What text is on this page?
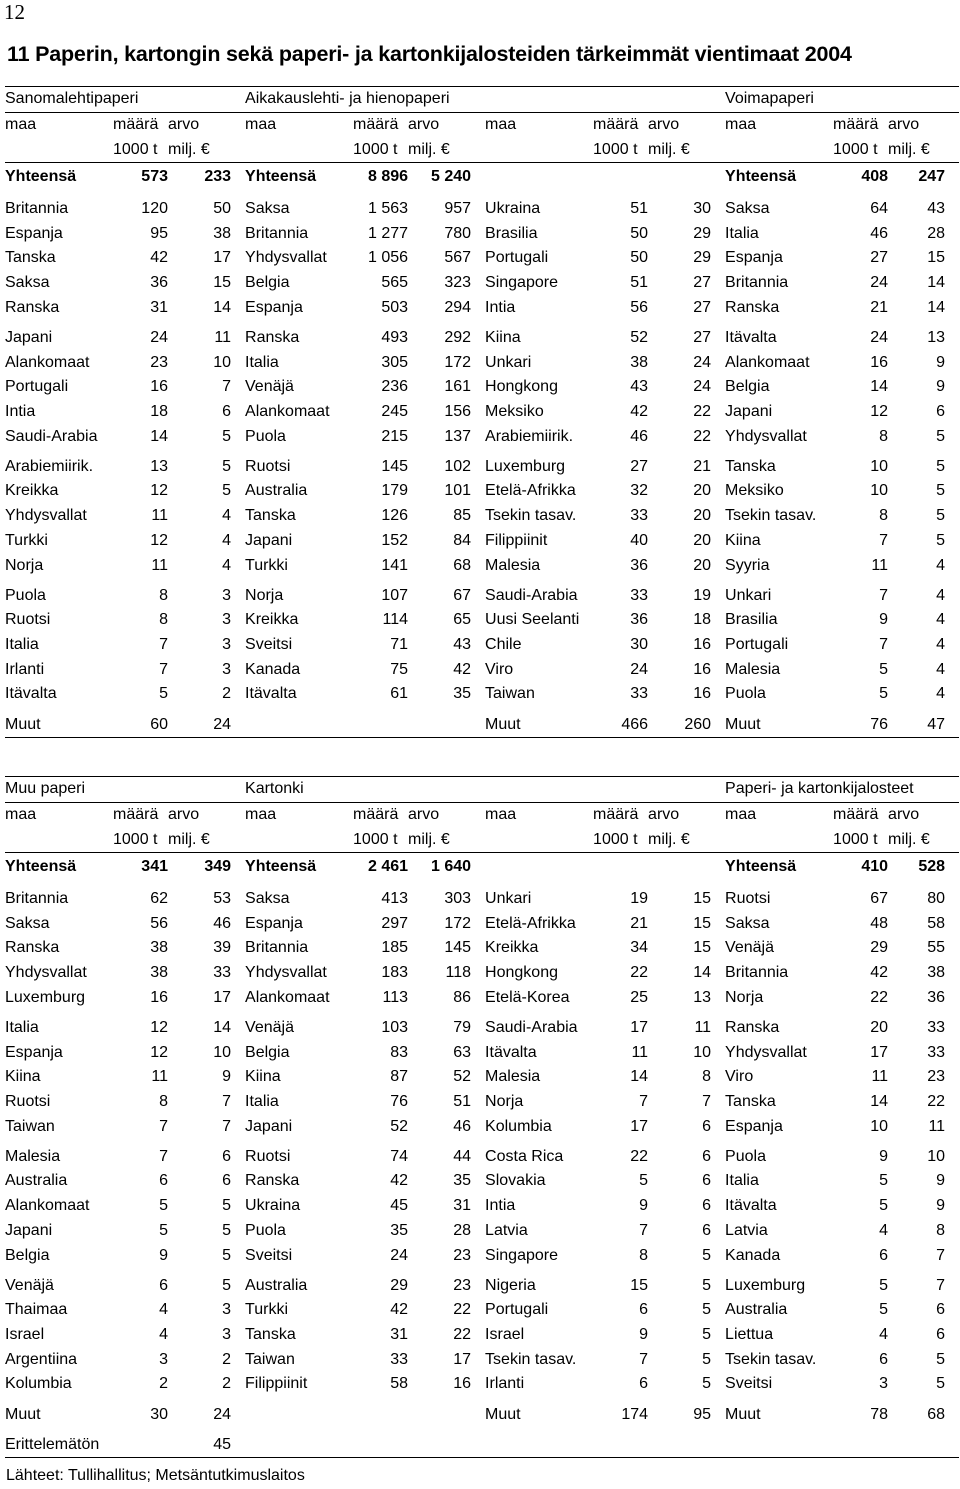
12
11 Paperin, kartongin sekä paperi- ja kartonkijalosteiden tärkeimmät vientimaat 2004
Sanomalehtipaperi			Aikakauslehti- ja hienopaperi						Voimapaperi		
maa	määrä	arvo	maa	määrä	arvo	maa	määrä	arvo	maa	määrä	arvo
	1000 t	milj. €		1000 t	milj. €		1000 t	milj. €		1000 t	milj. €
Yhteensä	573	233	Yhteensä	8 896	5 240				Yhteensä	408	247

Britannia	120	50	Saksa	1 563	957	Ukraina	51	30	Saksa	64	43
Espanja	95	38	Britannia	1 277	780	Brasilia	50	29	Italia	46	28
Tanska	42	17	Yhdysvallat	1 056	567	Portugali	50	29	Espanja	27	15
Saksa	36	15	Belgia	565	323	Singapore	51	27	Britannia	24	14
Ranska	31	14	Espanja	503	294	Intia	56	27	Ranska	21	14

Japani	24	11	Ranska	493	292	Kiina	52	27	Itävalta	24	13
Alankomaat	23	10	Italia	305	172	Unkari	38	24	Alankomaat	16	9
Portugali	16	7	Venäjä	236	161	Hongkong	43	24	Belgia	14	9
Intia	18	6	Alankomaat	245	156	Meksiko	42	22	Japani	12	6
Saudi-Arabia	14	5	Puola	215	137	Arabiemiirik.	46	22	Yhdysvallat	8	5

Arabiemiirik.	13	5	Ruotsi	145	102	Luxemburg	27	21	Tanska	10	5
Kreikka	12	5	Australia	179	101	Etelä-Afrikka	32	20	Meksiko	10	5
Yhdysvallat	11	4	Tanska	126	85	Tsekin tasav.	33	20	Tsekin tasav.	8	5
Turkki	12	4	Japani	152	84	Filippiinit	40	20	Kiina	7	5
Norja	11	4	Turkki	141	68	Malesia	36	20	Syyria	11	4

Puola	8	3	Norja	107	67	Saudi-Arabia	33	19	Unkari	7	4
Ruotsi	8	3	Kreikka	114	65	Uusi Seelanti	36	18	Brasilia	9	4
Italia	7	3	Sveitsi	71	43	Chile	30	16	Portugali	7	4
Irlanti	7	3	Kanada	75	42	Viro	24	16	Malesia	5	4
Itävalta	5	2	Itävalta	61	35	Taiwan	33	16	Puola	5	4

Muut	60	24				Muut	466	260	Muut	76	47
Muu paperi			Kartonki						Paperi- ja kartonkijalosteet		
maa	määrä	arvo	maa	määrä	arvo	maa	määrä	arvo	maa	määrä	arvo
	1000 t	milj. €		1000 t	milj. €		1000 t	milj. €		1000 t	milj. €
Yhteensä	341	349	Yhteensä	2 461	1 640				Yhteensä	410	528

Britannia	62	53	Saksa	413	303	Unkari	19	15	Ruotsi	67	80
Saksa	56	46	Espanja	297	172	Etelä-Afrikka	21	15	Saksa	48	58
Ranska	38	39	Britannia	185	145	Kreikka	34	15	Venäjä	29	55
Yhdysvallat	38	33	Yhdysvallat	183	118	Hongkong	22	14	Britannia	42	38
Luxemburg	16	17	Alankomaat	113	86	Etelä-Korea	25	13	Norja	22	36

Italia	12	14	Venäjä	103	79	Saudi-Arabia	17	11	Ranska	20	33
Espanja	12	10	Belgia	83	63	Itävalta	11	10	Yhdysvallat	17	33
Kiina	11	9	Kiina	87	52	Malesia	14	8	Viro	11	23
Ruotsi	8	7	Italia	76	51	Norja	7	7	Tanska	14	22
Taiwan	7	7	Japani	52	46	Kolumbia	17	6	Espanja	10	11

Malesia	7	6	Ruotsi	74	44	Costa Rica	22	6	Puola	9	10
Australia	6	6	Ranska	42	35	Slovakia	5	6	Italia	5	9
Alankomaat	5	5	Ukraina	45	31	Intia	9	6	Itävalta	5	9
Japani	5	5	Puola	35	28	Latvia	7	6	Latvia	4	8
Belgia	9	5	Sveitsi	24	23	Singapore	8	5	Kanada	6	7

Venäjä	6	5	Australia	29	23	Nigeria	15	5	Luxemburg	5	7
Thaimaa	4	3	Turkki	42	22	Portugali	6	5	Australia	5	6
Israel	4	3	Tanska	31	22	Israel	9	5	Liettua	4	6
Argentiina	3	2	Taiwan	33	17	Tsekin tasav.	7	5	Tsekin tasav.	6	5
Kolumbia	2	2	Filippiinit	58	16	Irlanti	6	5	Sveitsi	3	5

Muut	30	24				Muut	174	95	Muut	78	68

Erittelemätön		45									
Lähteet: Tullihallitus; Metsäntutkimuslaitos
